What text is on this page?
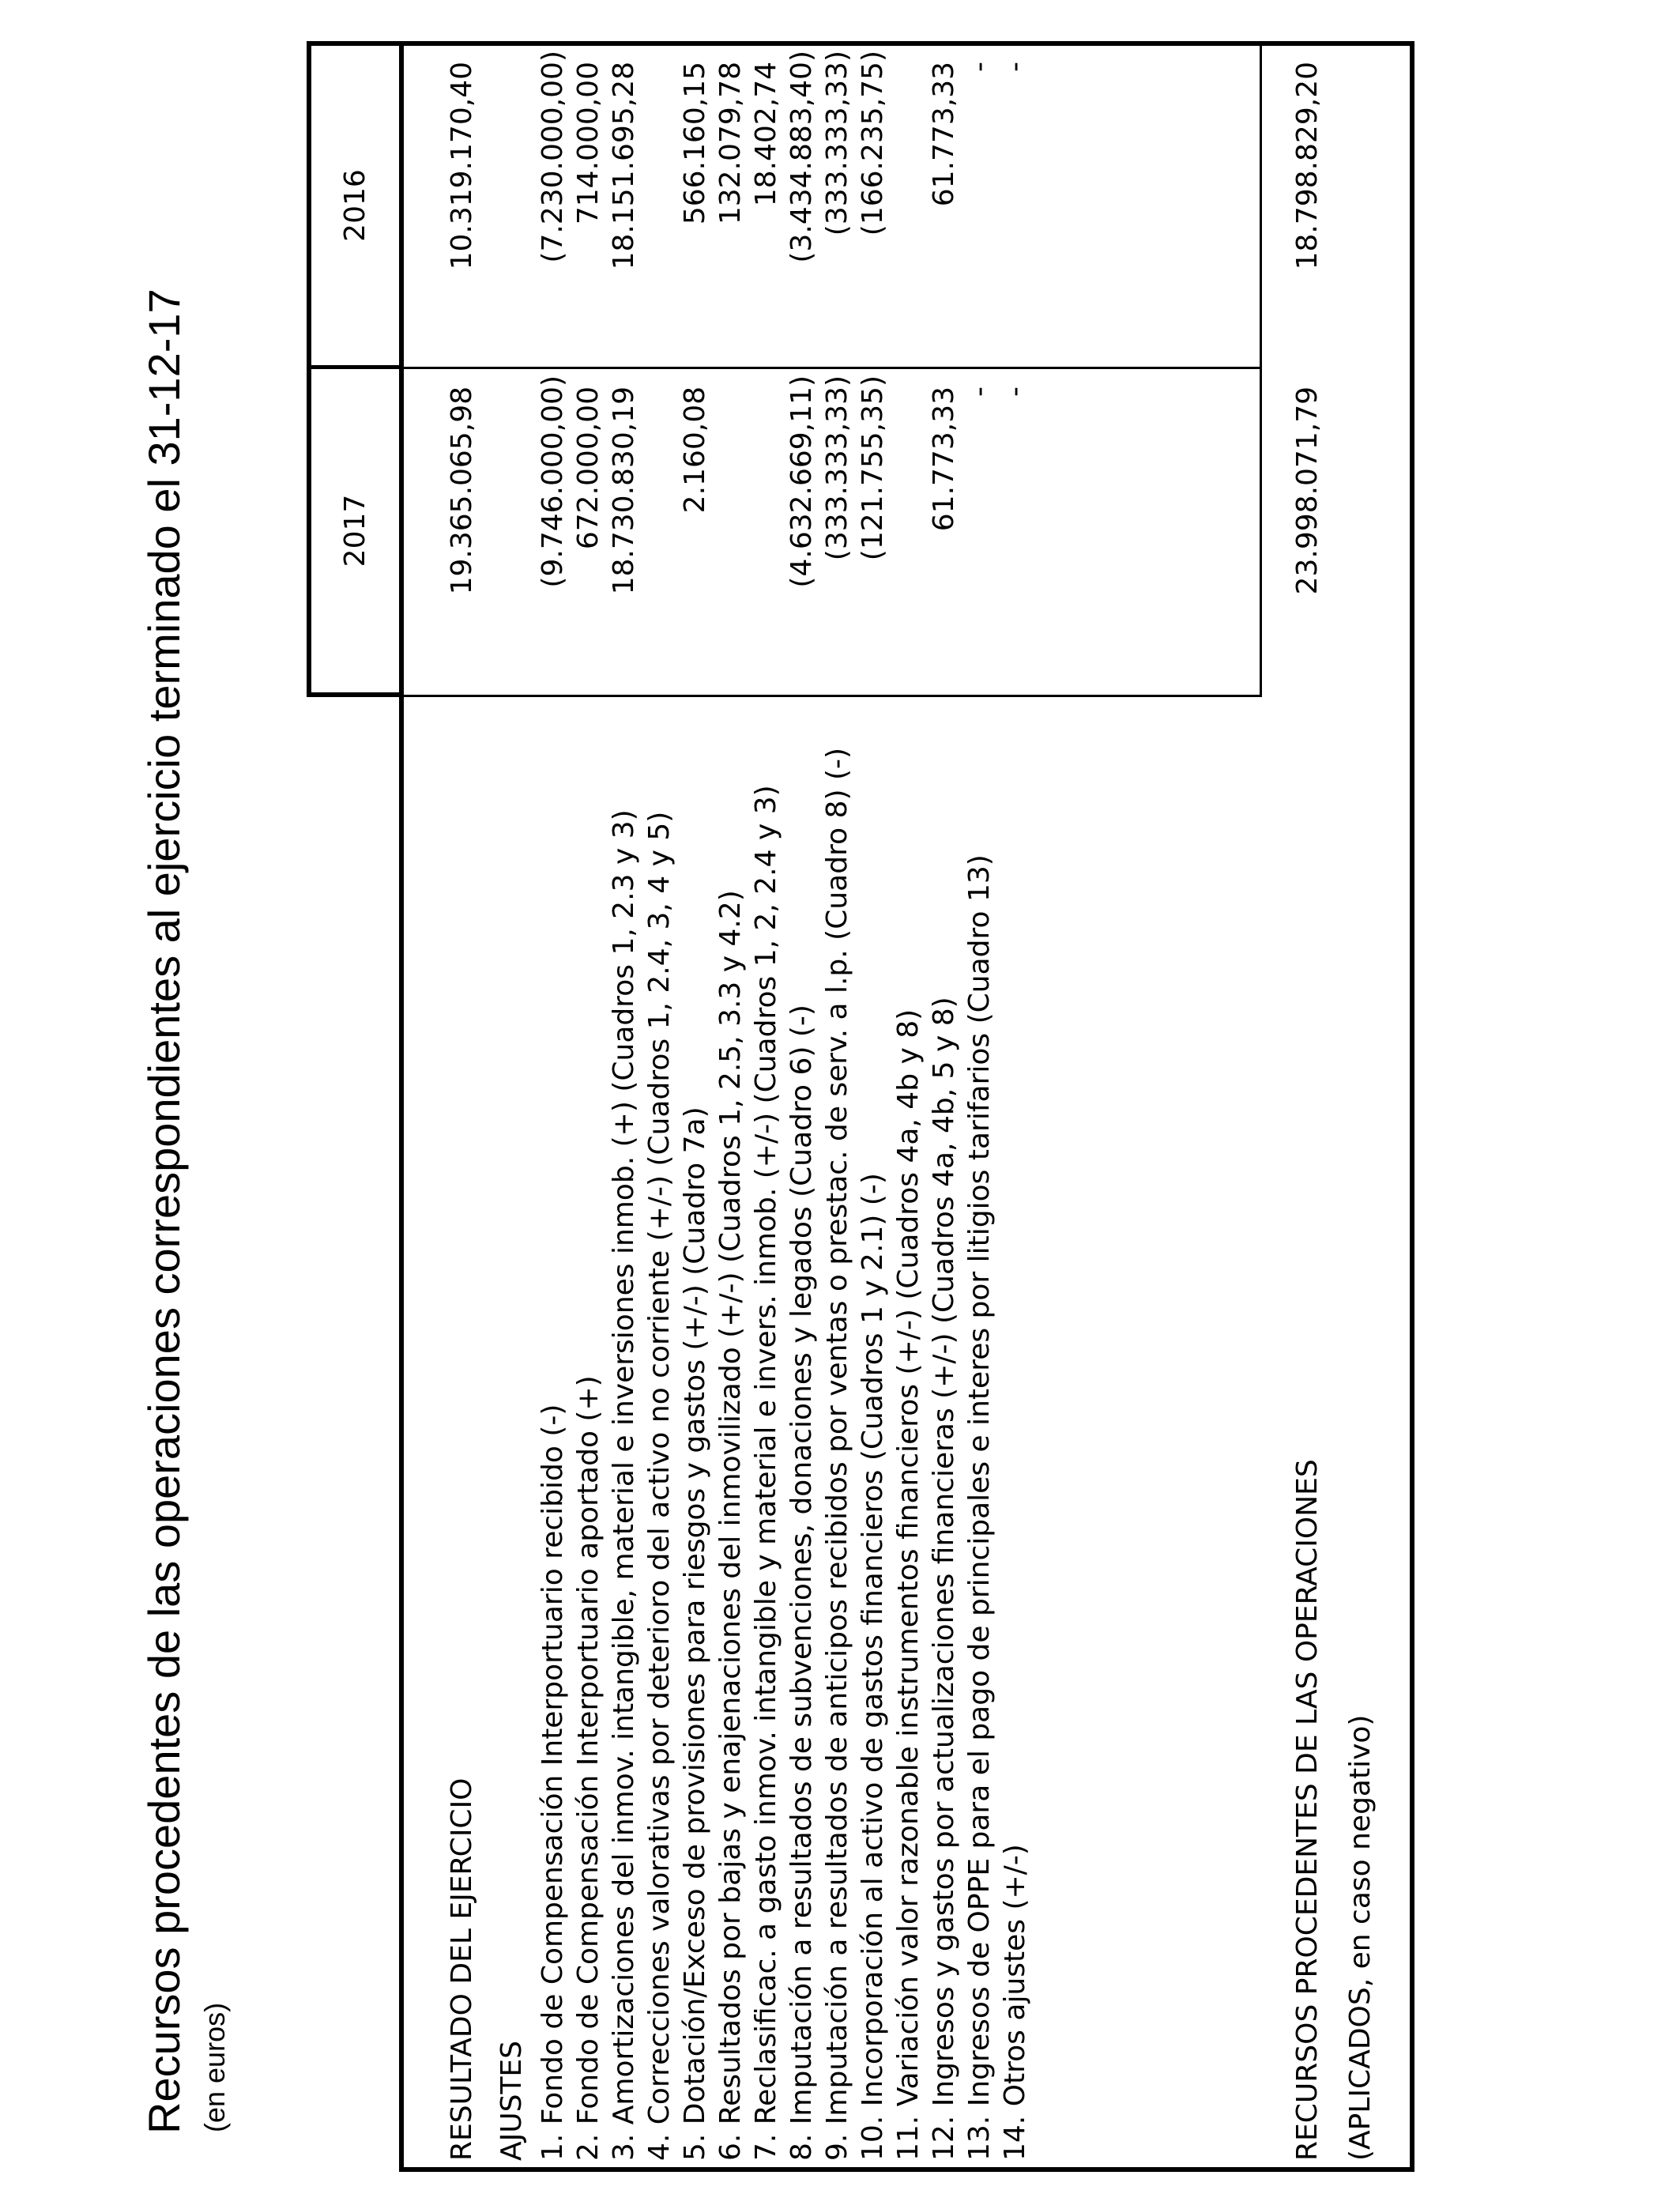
Recursos procedentes de las operaciones correspondientes al ejercicio terminado el 31-12-17 (en euros)
2017
2016
RESULTADO DEL EJERCICIO
19.365.065,98
10.319.170,40
AJUSTES 1. Fondo de Compensación Interportuario recibido (-)
(9.746.000,00)
(7.230.000,00)
2. Fondo de Compensación Interportuario aportado (+)
672.000,00
714.000,00
3. Amortizaciones del inmov. intangible, material e inversiones inmob. (+) (Cuadros 1, 2.3 y 3)
18.730.830,19
18.151.695,28
4. Correcciones valorativas por deterioro del activo no corriente (+/-) (Cuadros 1, 2.4, 3, 4 y 5) 5. Dotación/Exceso de provisiones para riesgos y gastos (+/-) (Cuadro 7a)
2.160,08
566.160,15
6. Resultados por bajas y enajenaciones del inmovilizado (+/-) (Cuadros 1, 2.5, 3.3 y 4.2)
132.079,78
7. Reclasificac. a gasto inmov. intangible y material e invers. inmob. (+/-) (Cuadros 1, 2, 2.4 y 3)
18.402,74
8. Imputación a resultados de subvenciones, donaciones y legados (Cuadro 6) (-)
(4.632.669,11)
(3.434.883,40)
9. Imputación a resultados de anticipos recibidos por ventas o prestac. de serv. a l.p. (Cuadro 8) (-)
(333.333,33)
(333.333,33)
10. Incorporación al activo de gastos financieros (Cuadros 1 y 2.1) (-)
(121.755,35)
(166.235,75)
11. Variación valor razonable instrumentos financieros (+/-) (Cuadros 4a, 4b y 8) 12. Ingresos y gastos por actualizaciones financieras (+/-) (Cuadros 4a, 4b, 5 y 8)
61.773,33
61.773,33
13. Ingresos de OPPE para el pago de principales e interes por litigios tarifarios (Cuadro 13)
-
-
14. Otros ajustes (+/-)
-
-
RECURSOS PROCEDENTES DE LAS OPERACIONES
23.998.071,79
18.798.829,20
(APLICADOS, en caso negativo)
